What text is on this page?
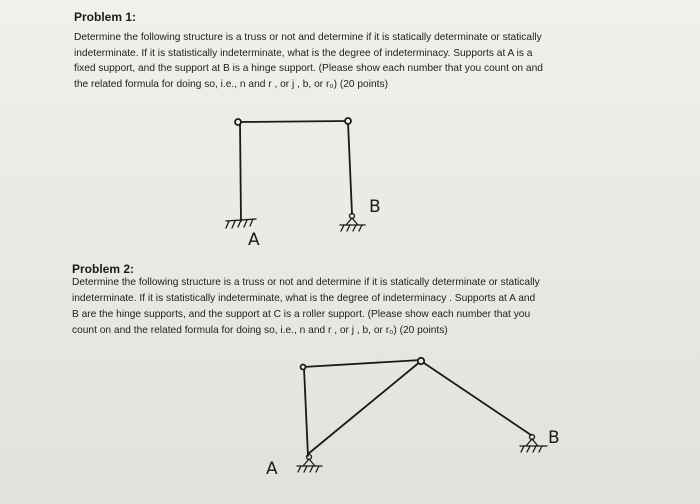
Problem 1:

Determine the following structure is a truss or not and determine if it is statically determinate or statically
indeterminate. If it is statistically indeterminate, what is the degree of indeterminacy. Supports at A is a
fixed support, and the support at B is a hinge support. (Please show each number that you count on and
the related formula for doing so, i.e., n and r , or j , b, or r₀) (20 points)

Problem 2:

Determine the following structure is a truss or not and determine if it is statically determinate or statically
indeterminate. If it is statistically indeterminate, what is the degree of indeterminacy . Supports at A and
B are the hinge supports, and the support at C is a roller support. (Please show each number that you
count on and the related formula for doing so, i.e., n and r , or j , b, or r₀) (20 points)

A
B
A
B
